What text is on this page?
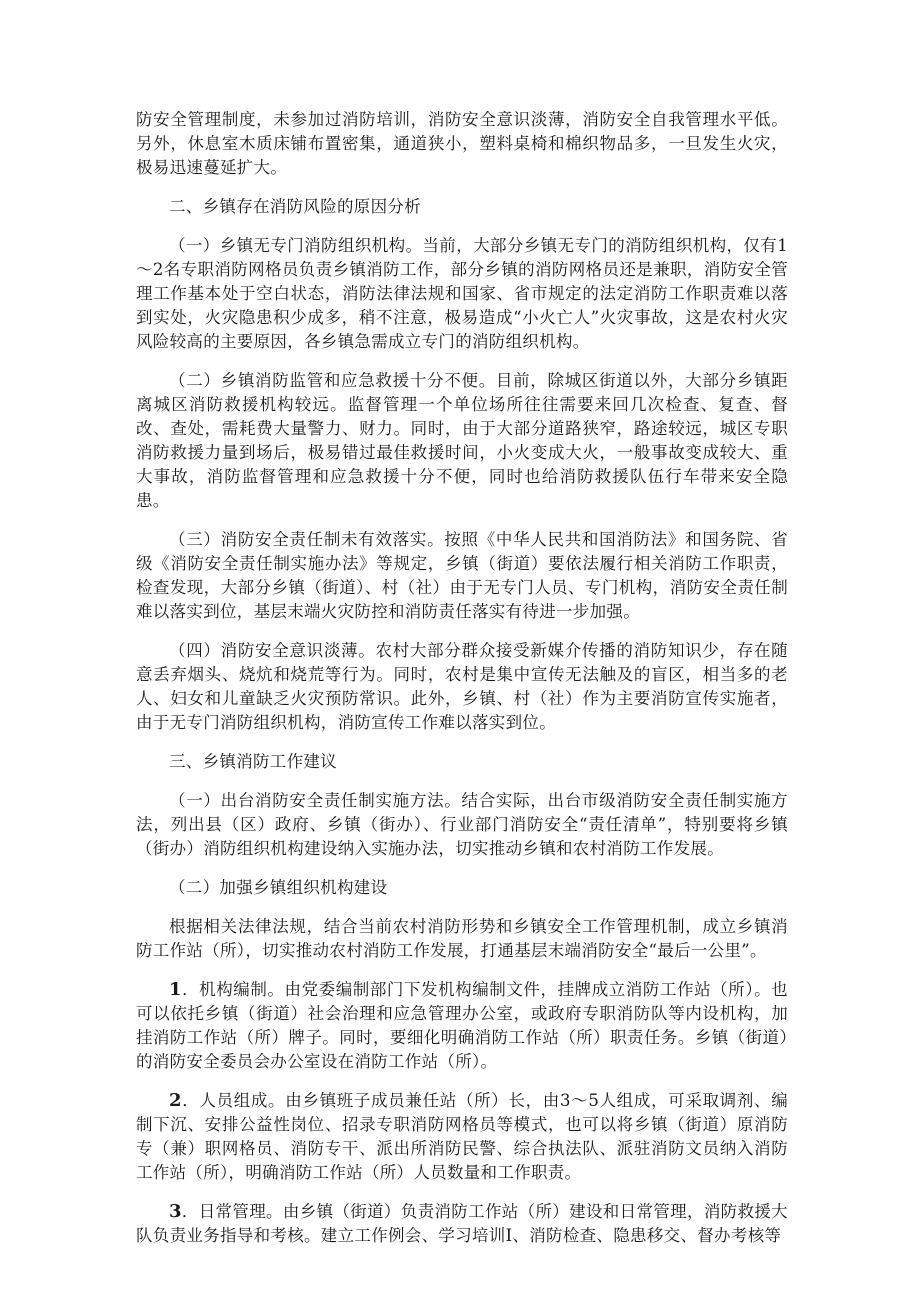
防安全管理制度，未参加过消防培训，消防安全意识淡薄，消防安全自我管理水平低。另外，休息室木质床铺布置密集，通道狭小，塑料桌椅和棉织物品多，一旦发生火灾，极易迅速蔓延扩大。

二、乡镇存在消防风险的原因分析

（一）乡镇无专门消防组织机构。当前，大部分乡镇无专门的消防组织机构，仅有1～2名专职消防网格员负责乡镇消防工作，部分乡镇的消防网格员还是兼职，消防安全管理工作基本处于空白状态，消防法律法规和国家、省市规定的法定消防工作职责难以落到实处，火灾隐患积少成多，稍不注意，极易造成“小火亡人”火灾事故，这是农村火灾风险较高的主要原因，各乡镇急需成立专门的消防组织机构。

（二）乡镇消防监管和应急救援十分不便。目前，除城区街道以外，大部分乡镇距离城区消防救援机构较远。监督管理一个单位场所往往需要来回几次检查、复查、督改、查处，需耗费大量警力、财力。同时，由于大部分道路狭窄，路途较远，城区专职消防救援力量到场后，极易错过最佳救援时间，小火变成大火，一般事故变成较大、重大事故，消防监督管理和应急救援十分不便，同时也给消防救援队伍行车带来安全隐患。

（三）消防安全责任制未有效落实。按照《中华人民共和国消防法》和国务院、省级《消防安全责任制实施办法》等规定，乡镇（街道）要依法履行相关消防工作职责，检查发现，大部分乡镇（街道）、村（社）由于无专门人员、专门机构，消防安全责任制难以落实到位，基层末端火灾防控和消防责任落实有待进一步加强。

（四）消防安全意识淡薄。农村大部分群众接受新媒介传播的消防知识少，存在随意丢弃烟头、烧炕和烧荒等行为。同时，农村是集中宣传无法触及的盲区，相当多的老人、妇女和儿童缺乏火灾预防常识。此外，乡镇、村（社）作为主要消防宣传实施者，由于无专门消防组织机构，消防宣传工作难以落实到位。

三、乡镇消防工作建议

（一）出台消防安全责任制实施方法。结合实际，出台市级消防安全责任制实施方法，列出县（区）政府、乡镇（街办）、行业部门消防安全“责任清单”，特别要将乡镇（街办）消防组织机构建设纳入实施办法，切实推动乡镇和农村消防工作发展。

（二）加强乡镇组织机构建设

根据相关法律法规，结合当前农村消防形势和乡镇安全工作管理机制，成立乡镇消防工作站（所），切实推动农村消防工作发展，打通基层末端消防安全“最后一公里”。

1．机构编制。由党委编制部门下发机构编制文件，挂牌成立消防工作站（所）。也可以依托乡镇（街道）社会治理和应急管理办公室，或政府专职消防队等内设机构，加挂消防工作站（所）牌子。同时，要细化明确消防工作站（所）职责任务。乡镇（街道）的消防安全委员会办公室设在消防工作站（所）。

2．人员组成。由乡镇班子成员兼任站（所）长，由3～5人组成，可采取调剂、编制下沉、安排公益性岗位、招录专职消防网格员等模式，也可以将乡镇（街道）原消防专（兼）职网格员、消防专干、派出所消防民警、综合执法队、派驻消防文员纳入消防工作站（所），明确消防工作站（所）人员数量和工作职责。

3．日常管理。由乡镇（街道）负责消防工作站（所）建设和日常管理，消防救援大队负责业务指导和考核。建立工作例会、学习培训I、消防检查、隐患移交、督办考核等
